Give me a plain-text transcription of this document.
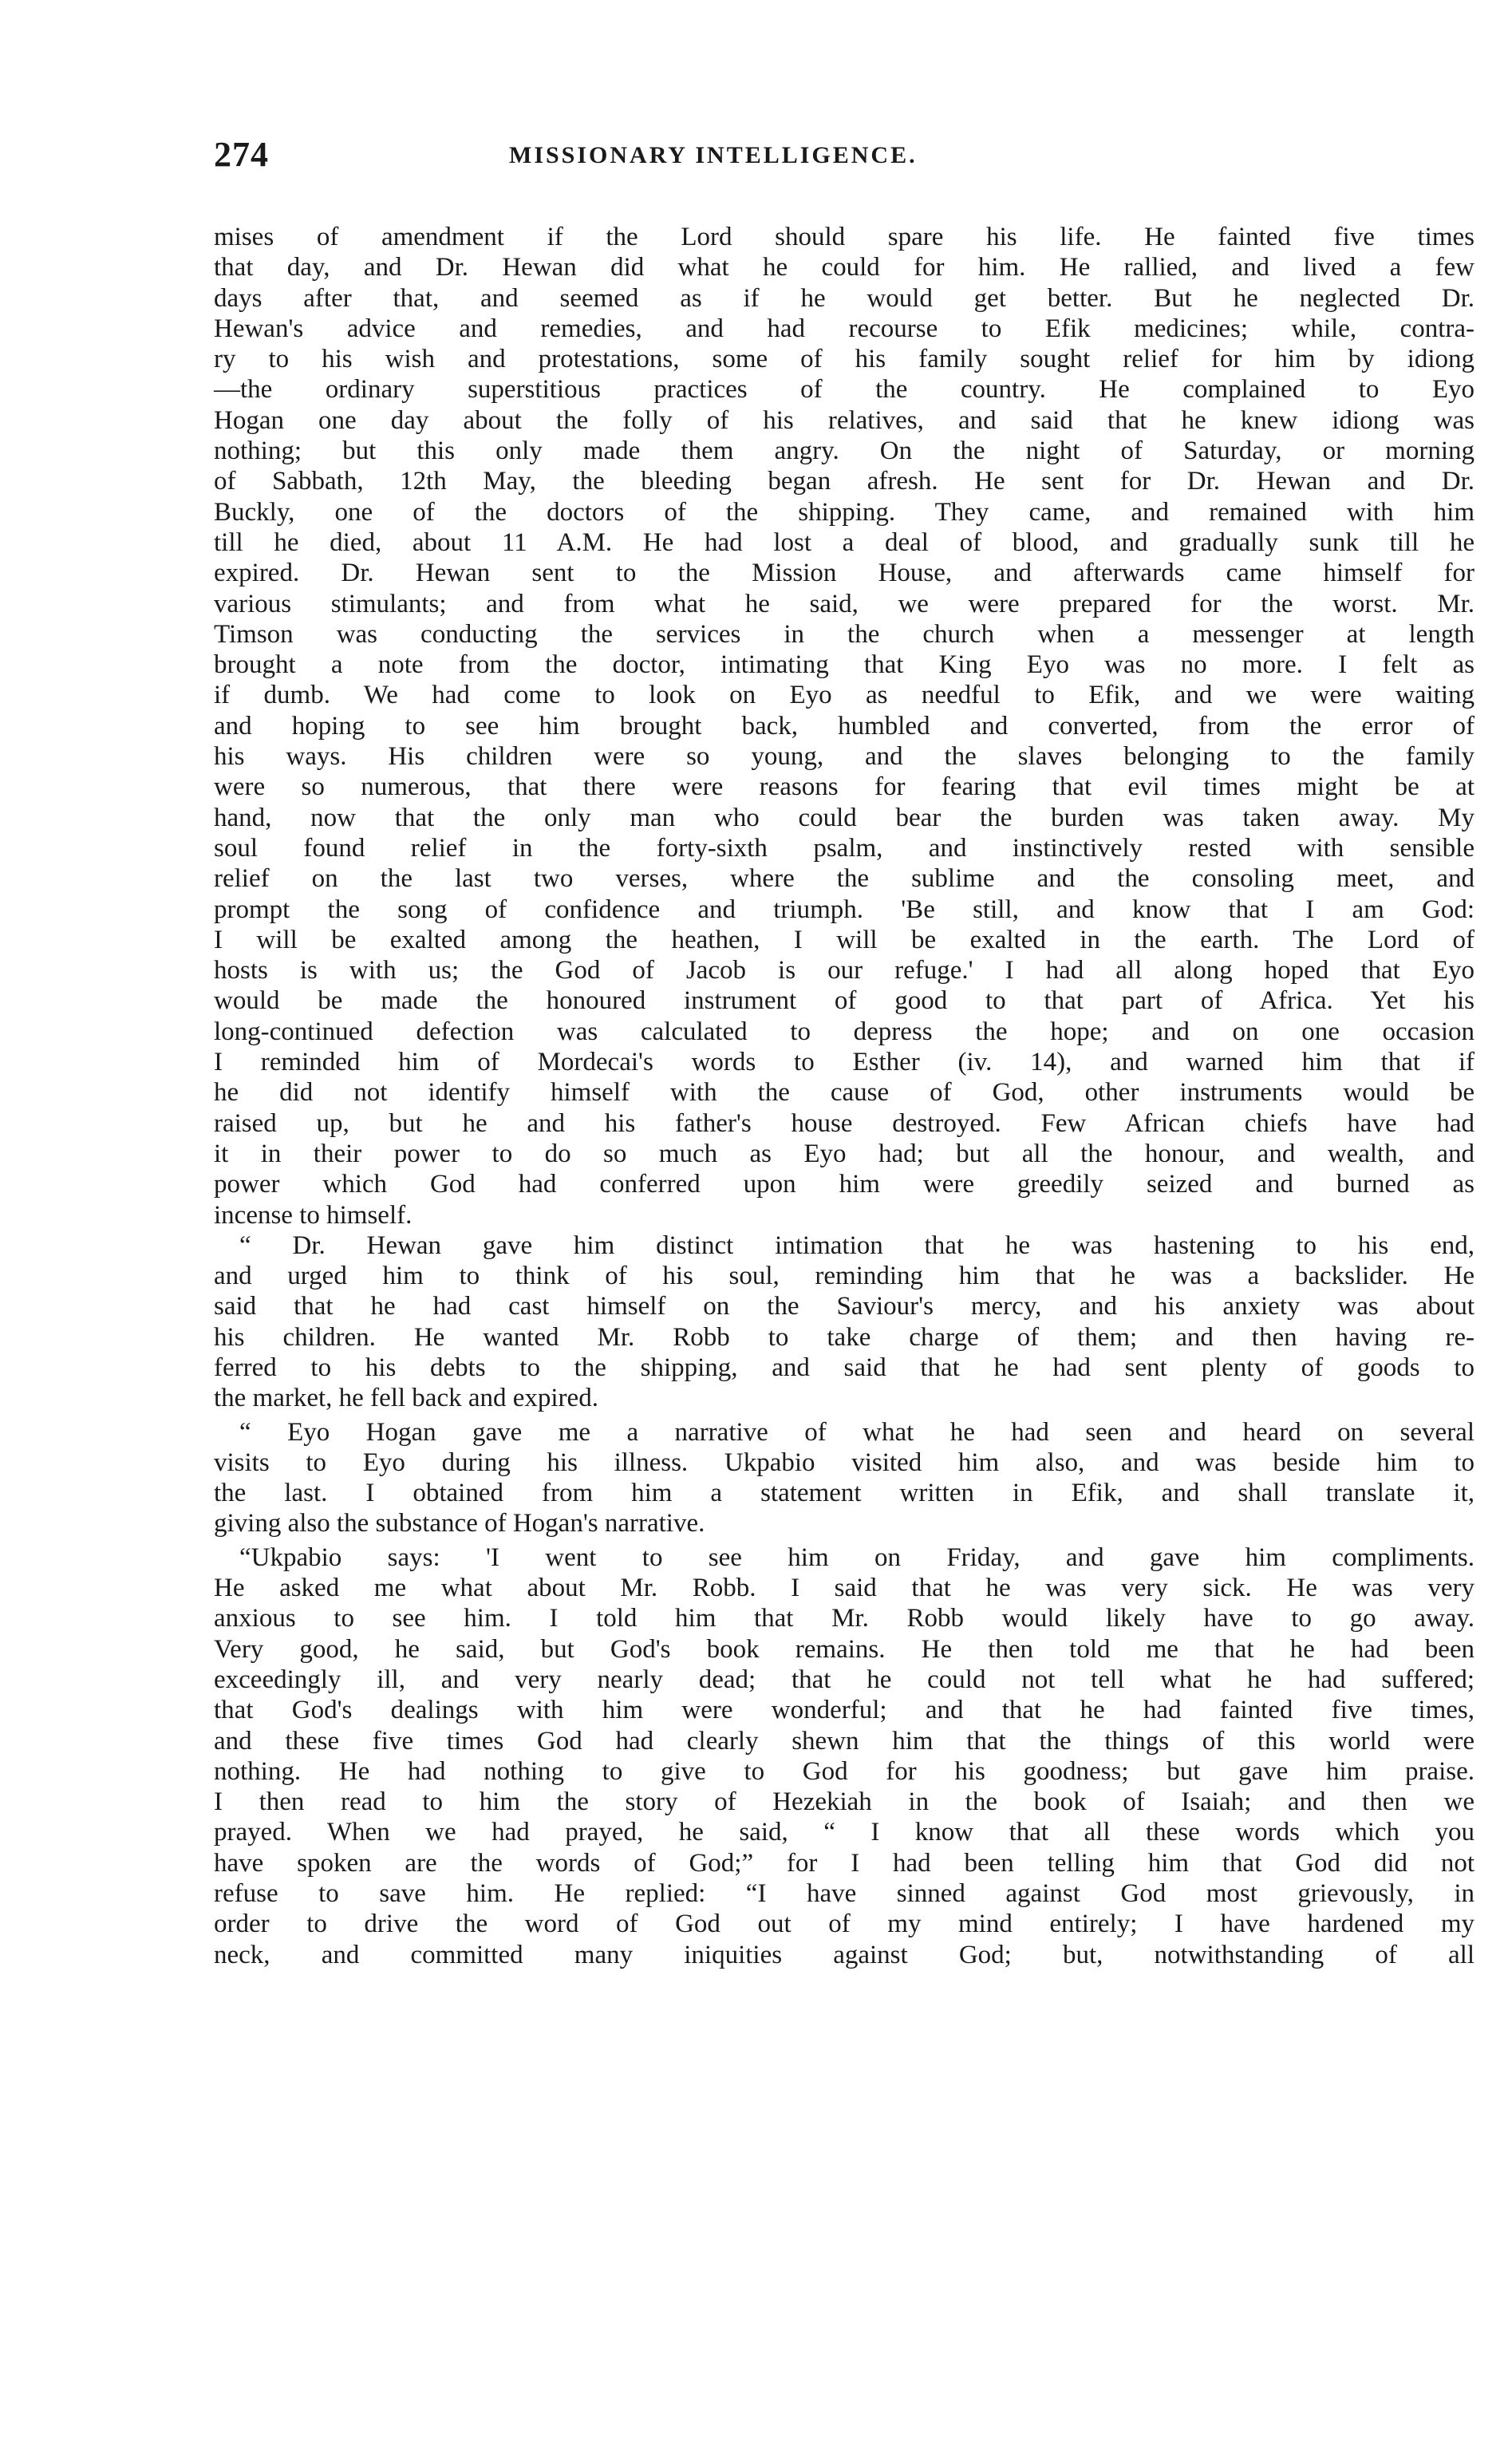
274	MISSIONARY INTELLIGENCE.

mises of amendment if the Lord should spare his life. He fainted five times

that day, and Dr. Hewan did what he could for him. He rallied, and lived a few

days after that, and seemed as if he would get better. But he neglected Dr.

Hewan's advice and remedies, and had recourse to Efik medicines; while, contra-

ry to his wish and protestations, some of his family sought relief for him by idiong

—the ordinary superstitious practices of the country. He complained to Eyo

Hogan one day about the folly of his relatives, and said that he knew idiong was

nothing; but this only made them angry. On the night of Saturday, or morning

of Sabbath, 12th May, the bleeding began afresh. He sent for Dr. Hewan and Dr.

Buckly, one of the doctors of the shipping. They came, and remained with him

till he died, about 11 A.M. He had lost a deal of blood, and gradually sunk till he

expired. Dr. Hewan sent to the Mission House, and afterwards came himself for

various stimulants; and from what he said, we were prepared for the worst. Mr.

Timson was conducting the services in the church when a messenger at length

brought a note from the doctor, intimating that King Eyo was no more. I felt as

if dumb. We had come to look on Eyo as needful to Efik, and we were waiting

and hoping to see him brought back, humbled and converted, from the error of

his ways. His children were so young, and the slaves belonging to the family

were so numerous, that there were reasons for fearing that evil times might be at

hand, now that the only man who could bear the burden was taken away. My

soul found relief in the forty-sixth psalm, and instinctively rested with sensible

relief on the last two verses, where the sublime and the consoling meet, and

prompt the song of confidence and triumph. 'Be still, and know that I am God:

I will be exalted among the heathen, I will be exalted in the earth. The Lord of

hosts is with us; the God of Jacob is our refuge.' I had all along hoped that Eyo

would be made the honoured instrument of good to that part of Africa. Yet his

long-continued defection was calculated to depress the hope; and on one occasion

I reminded him of Mordecai's words to Esther (iv. 14), and warned him that if

he did not identify himself with the cause of God, other instruments would be

raised up, but he and his father's house destroyed. Few African chiefs have had

it in their power to do so much as Eyo had; but all the honour, and wealth, and

power which God had conferred upon him were greedily seized and burned as

incense to himself.

“ Dr. Hewan gave him distinct intimation that he was hastening to his end,

and urged him to think of his soul, reminding him that he was a backslider. He

said that he had cast himself on the Saviour's mercy, and his anxiety was about

his children. He wanted Mr. Robb to take charge of them; and then having re-

ferred to his debts to the shipping, and said that he had sent plenty of goods to

the market, he fell back and expired.

“ Eyo Hogan gave me a narrative of what he had seen and heard on several

visits to Eyo during his illness. Ukpabio visited him also, and was beside him to

the last. I obtained from him a statement written in Efik, and shall translate it,

giving also the substance of Hogan's narrative.

“Ukpabio says: 'I went to see him on Friday, and gave him compliments.

He asked me what about Mr. Robb. I said that he was very sick. He was very

anxious to see him. I told him that Mr. Robb would likely have to go away.

Very good, he said, but God's book remains. He then told me that he had been

exceedingly ill, and very nearly dead; that he could not tell what he had suffered;

that God's dealings with him were wonderful; and that he had fainted five times,

and these five times God had clearly shewn him that the things of this world were

nothing. He had nothing to give to God for his goodness; but gave him praise.

I then read to him the story of Hezekiah in the book of Isaiah; and then we

prayed. When we had prayed, he said, “ I know that all these words which you

have spoken are the words of God;” for I had been telling him that God did not

refuse to save him. He replied: “I have sinned against God most grievously, in

order to drive the word of God out of my mind entirely; I have hardened my

neck, and committed many iniquities against God; but, notwithstanding of all
